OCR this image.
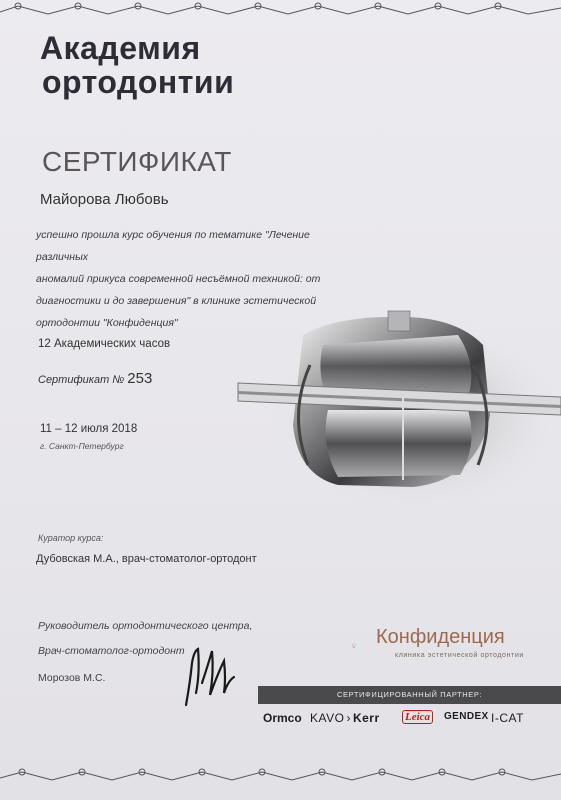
Академия
ортодонтии
СЕРТИФИКАТ
Майорова Любовь
успешно прошла курс обучения по тематике "Лечение различных
аномалий прикуса современной несъёмной техникой: от
диагностики и до завершения" в клинике эстетической
ортодонтии "Конфиденция"
12 Академических часов
Сертификат № 253
11 – 12 июля 2018
г. Санкт-Петербург
Куратор курса:
Дубовская М.А., врач-стоматолог-ортодонт
Руководитель ортодонтического центра,
Врач-стоматолог-ортодонт
Морозов М.С.
Конфиденция
клиника эстетической ортодонтии
СЕРТИФИЦИРОВАННЫЙ ПАРТНЕР:
Ormco KAVO › Kerr Leica	GENDEX I-CAT
